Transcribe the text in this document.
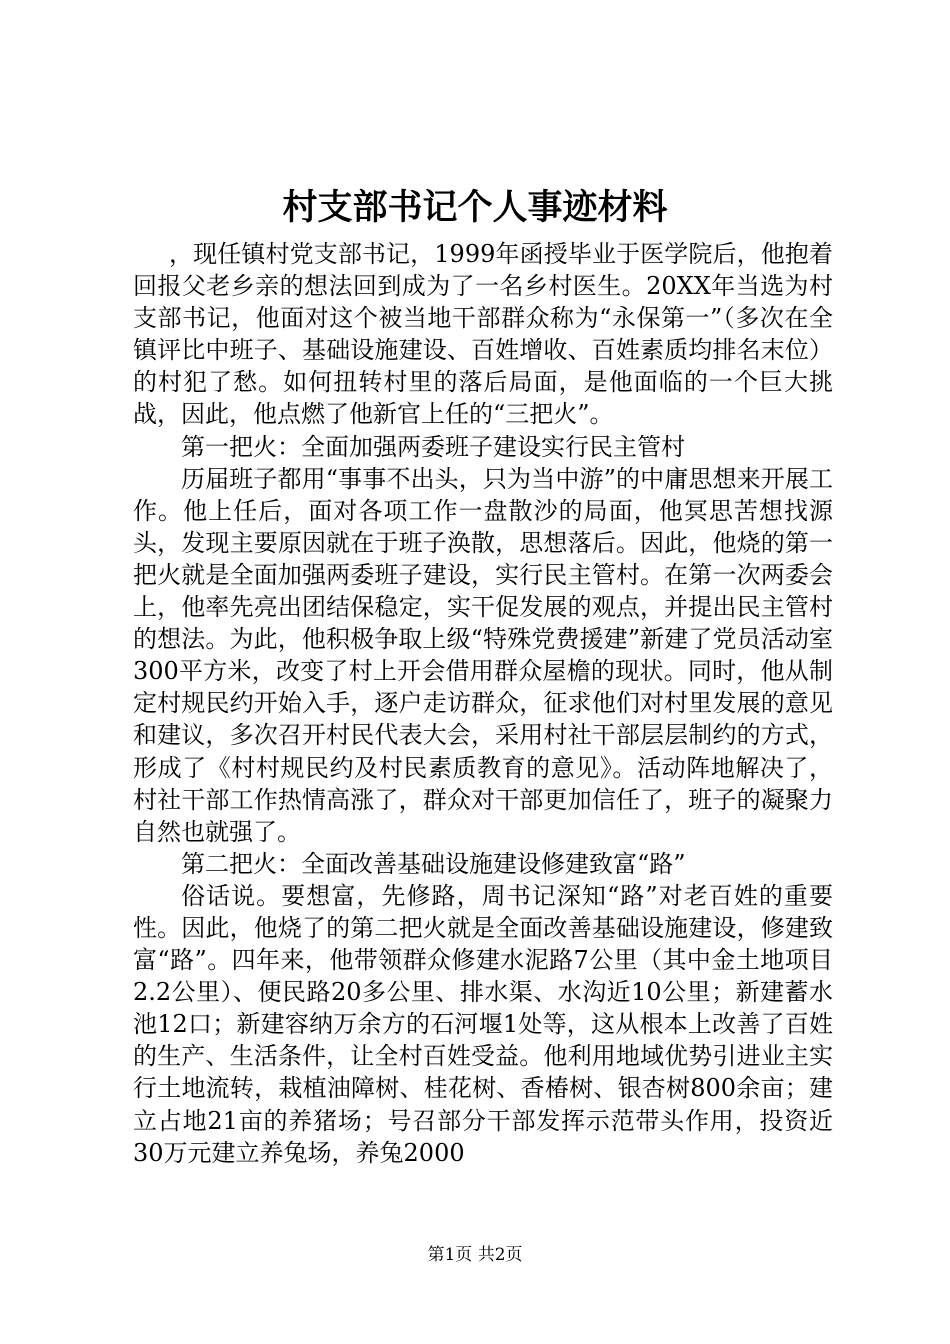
村支部书记个人事迹材料

，现任镇村党支部书记，1999年函授毕业于医学院后，他抱着回报父老乡亲的想法回到成为了一名乡村医生。20XX年当选为村支部书记，他面对这个被当地干部群众称为“永保第一”（多次在全镇评比中班子、基础设施建设、百姓增收、百姓素质均排名末位）的村犯了愁。如何扭转村里的落后局面，是他面临的一个巨大挑战，因此，他点燃了他新官上任的“三把火”。

第一把火：全面加强两委班子建设实行民主管村

历届班子都用“事事不出头，只为当中游”的中庸思想来开展工作。他上任后，面对各项工作一盘散沙的局面，他冥思苦想找源头，发现主要原因就在于班子涣散，思想落后。因此，他烧的第一把火就是全面加强两委班子建设，实行民主管村。在第一次两委会上，他率先亮出团结保稳定，实干促发展的观点，并提出民主管村的想法。为此，他积极争取上级“特殊党费援建”新建了党员活动室300平方米，改变了村上开会借用群众屋檐的现状。同时，他从制定村规民约开始入手，逐户走访群众，征求他们对村里发展的意见和建议，多次召开村民代表大会，采用村社干部层层制约的方式，形成了《村村规民约及村民素质教育的意见》。活动阵地解决了，村社干部工作热情高涨了，群众对干部更加信任了，班子的凝聚力自然也就强了。

第二把火：全面改善基础设施建设修建致富“路”

俗话说。要想富，先修路，周书记深知“路”对老百姓的重要性。因此，他烧了的第二把火就是全面改善基础设施建设，修建致富“路”。四年来，他带领群众修建水泥路7公里（其中金土地项目2.2公里）、便民路20多公里、排水渠、水沟近10公里；新建蓄水池12口；新建容纳万余方的石河堰1处等，这从根本上改善了百姓的生产、生活条件，让全村百姓受益。他利用地域优势引进业主实行土地流转，栽植油障树、桂花树、香椿树、银杏树800余亩；建立占地21亩的养猪场；号召部分干部发挥示范带头作用，投资近30万元建立养兔场，养兔2000

第1页 共2页
